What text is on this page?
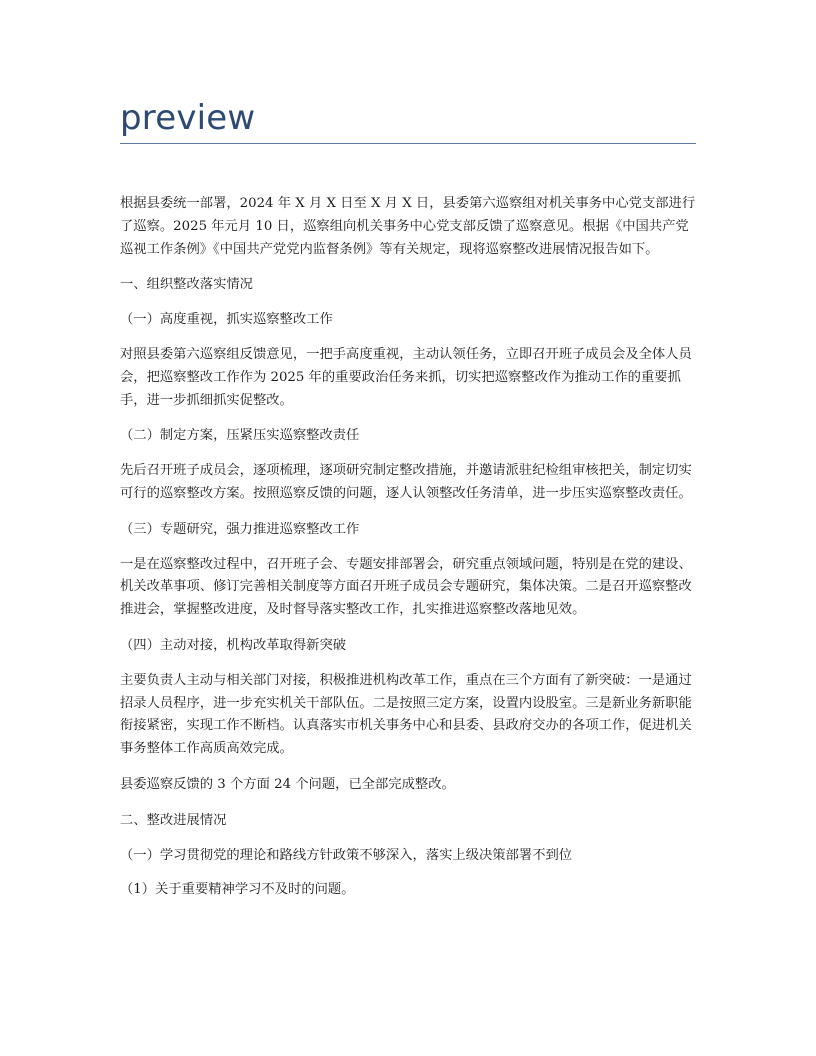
preview

根据县委统一部署，2024 年 X 月 X 日至 X 月 X 日，县委第六巡察组对机关事务中心党支部进行了巡察。2025 年元月 10 日，巡察组向机关事务中心党支部反馈了巡察意见。根据《中国共产党巡视工作条例》《中国共产党党内监督条例》等有关规定，现将巡察整改进展情况报告如下。

一、组织整改落实情况

（一）高度重视，抓实巡察整改工作

对照县委第六巡察组反馈意见，一把手高度重视，主动认领任务，立即召开班子成员会及全体人员会，把巡察整改工作作为 2025 年的重要政治任务来抓，切实把巡察整改作为推动工作的重要抓手，进一步抓细抓实促整改。

（二）制定方案，压紧压实巡察整改责任

先后召开班子成员会，逐项梳理，逐项研究制定整改措施，并邀请派驻纪检组审核把关，制定切实可行的巡察整改方案。按照巡察反馈的问题，逐人认领整改任务清单，进一步压实巡察整改责任。

（三）专题研究，强力推进巡察整改工作

一是在巡察整改过程中，召开班子会、专题安排部署会，研究重点领域问题，特别是在党的建设、机关改革事项、修订完善相关制度等方面召开班子成员会专题研究，集体决策。二是召开巡察整改推进会，掌握整改进度，及时督导落实整改工作，扎实推进巡察整改落地见效。

（四）主动对接，机构改革取得新突破

主要负责人主动与相关部门对接，积极推进机构改革工作，重点在三个方面有了新突破：一是通过招录人员程序，进一步充实机关干部队伍。二是按照三定方案，设置内设股室。三是新业务新职能衔接紧密，实现工作不断档。认真落实市机关事务中心和县委、县政府交办的各项工作，促进机关事务整体工作高质高效完成。

县委巡察反馈的 3 个方面 24 个问题，已全部完成整改。

二、整改进展情况

（一）学习贯彻党的理论和路线方针政策不够深入，落实上级决策部署不到位

（1）关于重要精神学习不及时的问题。
